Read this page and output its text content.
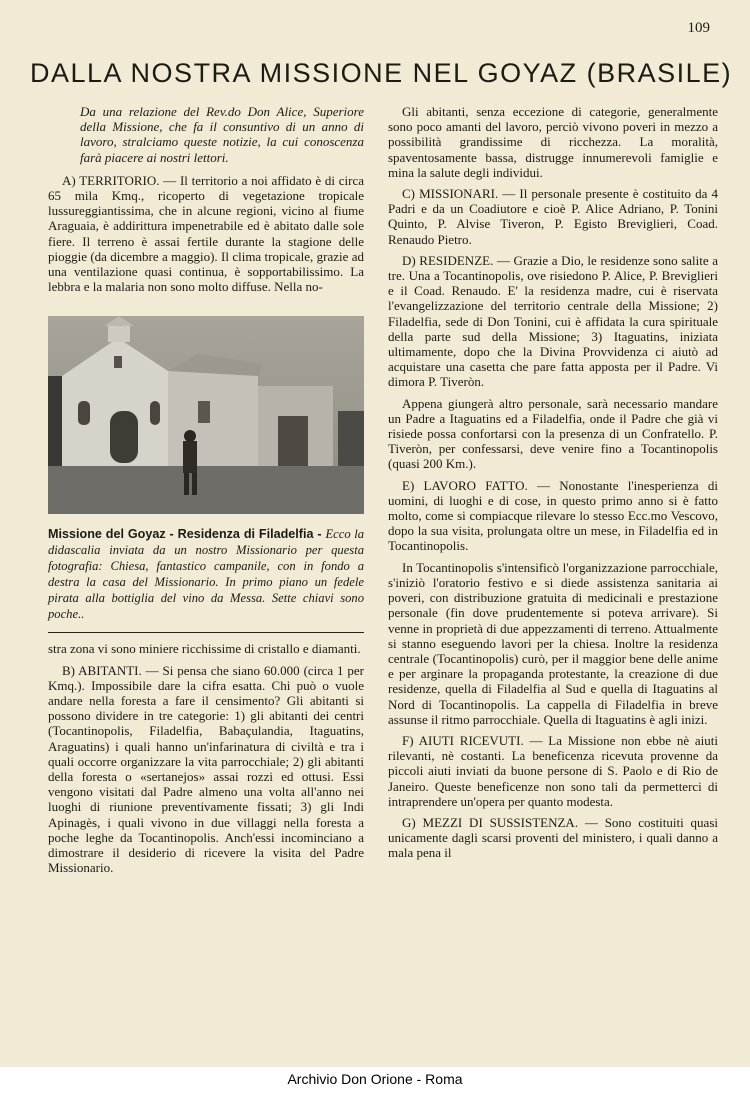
109
DALLA NOSTRA MISSIONE NEL GOYAZ (BRASILE)

Da una relazione del Rev.do Don Alice, Superiore della Missione, che fa il consuntivo di un anno di lavoro, stralciamo queste notizie, la cui conoscenza farà piacere ai nostri lettori.

A) TERRITORIO. — Il territorio a noi affidato è di circa 65 mila Kmq., ricoperto di vegetazione tropicale lussureggiantissima, che in alcune regioni, vicino al fiume Araguaia, è addirittura impenetrabile ed è abitato dalle sole fiere. Il terreno è assai fertile durante la stagione delle pioggie (da dicembre a maggio). Il clima tropicale, grazie ad una ventilazione quasi continua, è sopportabilissimo. La lebbra e la malaria non sono molto diffuse. Nella no-

Missione del Goyaz - Residenza di Filadelfia - Ecco la didascalia inviata da un nostro Missionario per questa fotografia: Chiesa, fantastico campanile, con in fondo a destra la casa del Missionario. In primo piano un fedele pirata alla bottiglia del vino da Messa. Sette chiavi sono poche..

stra zona vi sono miniere ricchissime di cristallo e diamanti.

B) ABITANTI. — Si pensa che siano 60.000 (circa 1 per Kmq.). Impossibile dare la cifra esatta. Chi può o vuole andare nella foresta a fare il censimento? Gli abitanti si possono dividere in tre categorie: 1) gli abitanti dei centri (Tocantinopolis, Filadelfia, Babaçulandia, Itaguatins, Araguatins) i quali hanno un'infarinatura di civiltà e tra i quali occorre organizzare la vita parrocchiale; 2) gli abitanti della foresta o «sertanejos» assai rozzi ed ottusi. Essi vengono visitati dal Padre almeno una volta all'anno nei luoghi di riunione preventivamente fissati; 3) gli Indi Apinagès, i quali vivono in due villaggi nella foresta a poche leghe da Tocantinopolis. Anch'essi incominciano a dimostrare il desiderio di ricevere la visita del Padre Missionario.

Gli abitanti, senza eccezione di categorie, generalmente sono poco amanti del lavoro, perciò vivono poveri in mezzo a possibilità grandissime di ricchezza. La moralità, spaventosamente bassa, distrugge innumerevoli famiglie e mina la salute degli individui.

C) MISSIONARI. — Il personale presente è costituito da 4 Padri e da un Coadiutore e cioè P. Alice Adriano, P. Tonini Quinto, P. Alvise Tiveron, P. Egisto Breviglieri, Coad. Renaudo Pietro.

D) RESIDENZE. — Grazie a Dio, le residenze sono salite a tre. Una a Tocantinopolis, ove risiedono P. Alice, P. Breviglieri e il Coad. Renaudo. E' la residenza madre, cui è riservata l'evangelizzazione del territorio centrale della Missione; 2) Filadelfia, sede di Don Tonini, cui è affidata la cura spirituale della parte sud della Missione; 3) Itaguatins, iniziata ultimamente, dopo che la Divina Provvidenza ci aiutò ad acquistare una casetta che pare fatta apposta per il Padre. Vi dimora P. Tiveròn.

Appena giungerà altro personale, sarà necessario mandare un Padre a Itaguatins ed a Filadelfia, onde il Padre che già vi risiede possa confortarsi con la presenza di un Confratello. P. Tiveròn, per confessarsi, deve venire fino a Tocantinopolis (quasi 200 Km.).

E) LAVORO FATTO. — Nonostante l'inesperienza di uomini, di luoghi e di cose, in questo primo anno si è fatto molto, come si compiacque rilevare lo stesso Ecc.mo Vescovo, dopo la sua visita, prolungata oltre un mese, in Filadelfia ed in Tocantinopolis.

In Tocantinopolis s'intensificò l'organizzazione parrocchiale, s'iniziò l'oratorio festivo e si diede assistenza sanitaria ai poveri, con distribuzione gratuita di medicinali e prestazione personale (fin dove prudentemente si poteva arrivare). Si venne in proprietà di due appezzamenti di terreno. Attualmente si stanno eseguendo lavori per la chiesa. Inoltre la residenza centrale (Tocantinopolis) curò, per il maggior bene delle anime e per arginare la propaganda protestante, la creazione di due residenze, quella di Filadelfia al Sud e quella di Itaguatins al Nord di Tocantinopolis. La cappella di Filadelfia in breve assunse il ritmo parrocchiale. Quella di Itaguatins è agli inizi.

F) AIUTI RICEVUTI. — La Missione non ebbe nè aiuti rilevanti, nè costanti. La beneficenza ricevuta provenne da piccoli aiuti inviati da buone persone di S. Paolo e di Rio de Janeiro. Queste beneficenze non sono tali da permetterci di intraprendere un'opera per quanto modesta.

G) MEZZI DI SUSSISTENZA. — Sono costituiti quasi unicamente dagli scarsi proventi del ministero, i quali danno a mala pena il

Archivio Don Orione - Roma
